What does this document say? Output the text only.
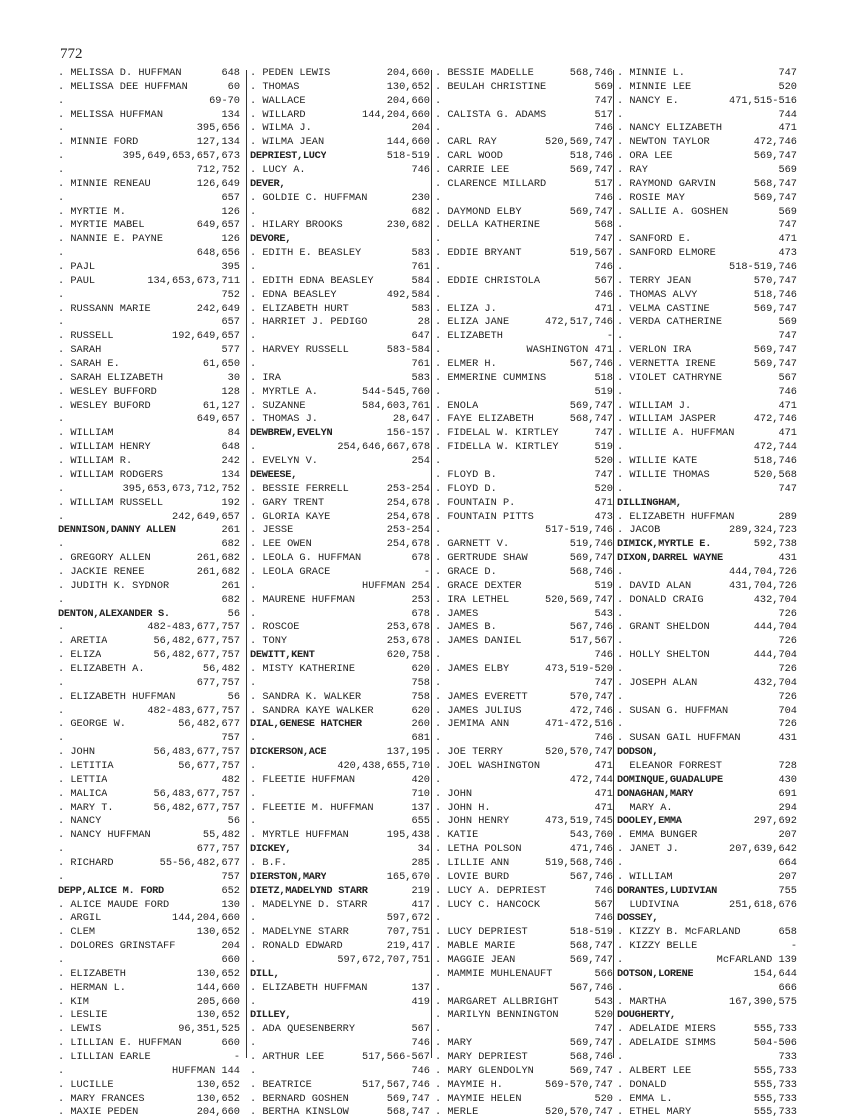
772
. MELISSA D. HUFFMAN	648
. MELISSA DEE HUFFMAN	60
.	69-70
. MELISSA HUFFMAN	134
.	395,656
. MINNIE FORD	127,134
.	395,649,653,657,673
.	712,752
. MINNIE RENEAU	126,649
.	657
. MYRTIE M.	126
. MYRTIE MABEL	649,657
. NANNIE E. PAYNE	126
.	648,656
. PAJL	395
. PAUL	134,653,673,711
.	752
. RUSSANN MARIE	242,649
.	657
. RUSSELL	192,649,657
. SARAH	577
. SARAH E.	61,650
. SARAH ELIZABETH	30
. WESLEY BUFFORD	128
. WESLEY BUFORD	61,127
.	649,657
. WILLIAM	84
. WILLIAM HENRY	648
. WILLIAM R.	242
. WILLIAM RODGERS	134
.	395,653,673,712,752
. WILLIAM RUSSELL	192
.	242,649,657
DENNISON,DANNY ALLEN	261
.	682
. GREGORY ALLEN	261,682
. JACKIE RENEE	261,682
. JUDITH K. SYDNOR	261
.	682
DENTON,ALEXANDER S.	56
.	482-483,677,757
. ARETIA	56,482,677,757
. ELIZA	56,482,677,757
. ELIZABETH A.	56,482
.	677,757
. ELIZABETH HUFFMAN	56
.	482-483,677,757
. GEORGE W.	56,482,677
.	757
. JOHN	56,483,677,757
. LETITIA	56,677,757
. LETTIA	482
. MALICA	56,483,677,757
. MARY T.	56,482,677,757
. NANCY	56
. NANCY HUFFMAN	55,482
.	677,757
. RICHARD	55-56,482,677
.	757
DEPP,ALICE M. FORD	652
. ALICE MAUDE FORD	130
. ARGIL	144,204,660
. CLEM	130,652
. DOLORES GRINSTAFF	204
.	660
. ELIZABETH	130,652
. HERMAN L.	144,660
. KIM	205,660
. LESLIE	130,652
. LEWIS	96,351,525
. LILLIAN E. HUFFMAN	660
. LILLIAN EARLE	-
.	HUFFMAN 144
. LUCILLE	130,652
. MARY FRANCES	130,652
. MAXIE PEDEN	204,660
. PEDEN LEWIS	204,660
. THOMAS	130,652
. WALLACE	204,660
. WILLARD	144,204,660
. WILMA J.	204
. WILMA JEAN	144,660
DEPRIEST,LUCY	518-519
. LUCY A.	746
DEVER,
. GOLDIE C. HUFFMAN	230
.	682
. HILARY BROOKS	230,682
DEVORE,
. EDITH E. BEASLEY	583
.	761
. EDITH EDNA BEASLEY	584
. EDNA BEASLEY	492,584
. ELIZABETH HURT	583
. HARRIET J. PEDIGO	28
.	647
. HARVEY RUSSELL	583-584
.	761
. IRA	583
. MYRTLE A.	544-545,760
. SUZANNE	584,603,761
. THOMAS J.	28,647
DEWBREW,EVELYN	156-157
.	254,646,667,678
. EVELYN V.	254
DEWEESE,
. BESSIE FERRELL	253-254
. GARY TRENT	254,678
. GLORIA KAYE	254,678
. JESSE	253-254
. LEE OWEN	254,678
. LEOLA G. HUFFMAN	678
. LEOLA GRACE	-
.	HUFFMAN 254
. MAURENE HUFFMAN	253
.	678
. ROSCOE	253,678
. TONY	253,678
DEWITT,KENT	620,758
. MISTY KATHERINE	620
.	758
. SANDRA K. WALKER	758
. SANDRA KAYE WALKER	620
DIAL,GENESE HATCHER	260
.	681
DICKERSON,ACE	137,195
.	420,438,655,710
. FLEETIE HUFFMAN	420
.	710
. FLEETIE M. HUFFMAN	137
.	655
. MYRTLE HUFFMAN	195,438
DICKEY,	34
. B.F.	285
DIERSTON,MARY	165,670
DIETZ,MADELYND STARR	219
. MADELYNE D. STARR	417
.	597,672
. MADELYNE STARR	707,751
. RONALD EDWARD	219,417
.	597,672,707,751
DILL,
. ELIZABETH HUFFMAN	137
.	419
DILLEY,
. ADA QUESENBERRY	567
.	746
. ARTHUR LEE	517,566-567
.	746
. BEATRICE	517,567,746
. BERNARD GOSHEN	569,747
. BERTHA KINSLOW	568,747
. BESSIE MADELLE	568,746
. BEULAH CHRISTINE	569
.	747
. CALISTA G. ADAMS	517
.	746
. CARL RAY	520,569,747
. CARL WOOD	518,746
. CARRIE LEE	569,747
. CLARENCE MILLARD	517
.	746
. DAYMOND ELBY	569,747
. DELLA KATHERINE	568
.	747
. EDDIE BRYANT	519,567
.	746
. EDDIE CHRISTOLA	567
.	746
. ELIZA J.	471
. ELIZA JANE	472,517,746
. ELIZABETH	-
.	WASHINGTON 471
. ELMER H.	567,746
. EMMERINE CUMMINS	518
.	519
. ENOLA	569,747
. FAYE ELIZABETH	568,747
. FIDELAL W. KIRTLEY	747
. FIDELLA W. KIRTLEY	519
.	520
. FLOYD B.	747
. FLOYD D.	520
. FOUNTAIN P.	471
. FOUNTAIN PITTS	473
.	517-519,746
. GARNETT V.	519,746
. GERTRUDE SHAW	569,747
. GRACE D.	568,746
. GRACE DEXTER	519
. IRA LETHEL	520,569,747
. JAMES	543
. JAMES B.	567,746
. JAMES DANIEL	517,567
.	746
. JAMES ELBY	473,519-520
.	747
. JAMES EVERETT	570,747
. JAMES JULIUS	472,746
. JEMIMA ANN	471-472,516
.	746
. JOE TERRY	520,570,747
. JOEL WASHINGTON	471
.	472,744
. JOHN	471
. JOHN H.	471
. JOHN HENRY	473,519,745
. KATIE	543,760
. LETHA POLSON	471,746
. LILLIE ANN	519,568,746
. LOVIE BURD	567,746
. LUCY A. DEPRIEST	746
. LUCY C. HANCOCK	567
.	746
. LUCY DEPRIEST	518-519
. MABLE MARIE	568,747
. MAGGIE JEAN	569,747
. MAMMIE MUHLENAUFT	566
.	567,746
. MARGARET ALLBRIGHT	543
. MARILYN BENNINGTON	520
.	747
. MARY	569,747
. MARY DEPRIEST	568,746
. MARY GLENDOLYN	569,747
. MAYMIE H.	569-570,747
. MAYMIE HELEN	520
. MERLE	520,570,747
. MINNIE L.	747
. MINNIE LEE	520
. NANCY E.	471,515-516
.	744
. NANCY ELIZABETH	471
. NEWTON TAYLOR	472,746
. ORA LEE	569,747
. RAY	569
. RAYMOND GARVIN	568,747
. ROSIE MAY	569,747
. SALLIE A. GOSHEN	569
.	747
. SANFORD E.	471
. SANFORD ELMORE	473
.	518-519,746
. TERRY JEAN	570,747
. THOMAS ALVY	518,746
. VELMA CASTINE	569,747
. VERDA CATHERINE	569
.	747
. VERLON IRA	569,747
. VERNETTA IRENE	569,747
. VIOLET CATHRYNE	567
.	746
. WILLIAM J.	471
. WILLIAM JASPER	472,746
. WILLIE A. HUFFMAN	471
.	472,744
. WILLIE KATE	518,746
. WILLIE THOMAS	520,568
.	747
DILLINGHAM,
. ELIZABETH HUFFMAN	289
. JACOB	289,324,723
DIMICK,MYRTLE E.	592,738
DIXON,DARREL WAYNE	431
.	444,704,726
. DAVID ALAN	431,704,726
. DONALD CRAIG	432,704
.	726
. GRANT SHELDON	444,704
.	726
. HOLLY SHELTON	444,704
.	726
. JOSEPH ALAN	432,704
.	726
. SUSAN G. HUFFMAN	704
.	726
. SUSAN GAIL HUFFMAN	431
DODSON,
ELEANOR FORREST	728
DOMINQUE,GUADALUPE	430
DONAGHAN,MARY	691
MARY A.	294
DOOLEY,EMMA	297,692
. EMMA BUNGER	207
. JANET J.	207,639,642
.	664
. WILLIAM	207
DORANTES,LUDIVIAN	755
LUDIVINA	251,618,676
DOSSEY,
. KIZZY B. McFARLAND	658
. KIZZY BELLE	-
.	McFARLAND 139
DOTSON,LORENE	154,644
.	666
. MARTHA	167,390,575
DOUGHERTY,
. ADELAIDE MIERS	555,733
. ADELAIDE SIMMS	504-506
.	733
. ALBERT LEE	555,733
. DONALD	555,733
. EMMA L.	555,733
. ETHEL MARY	555,733
